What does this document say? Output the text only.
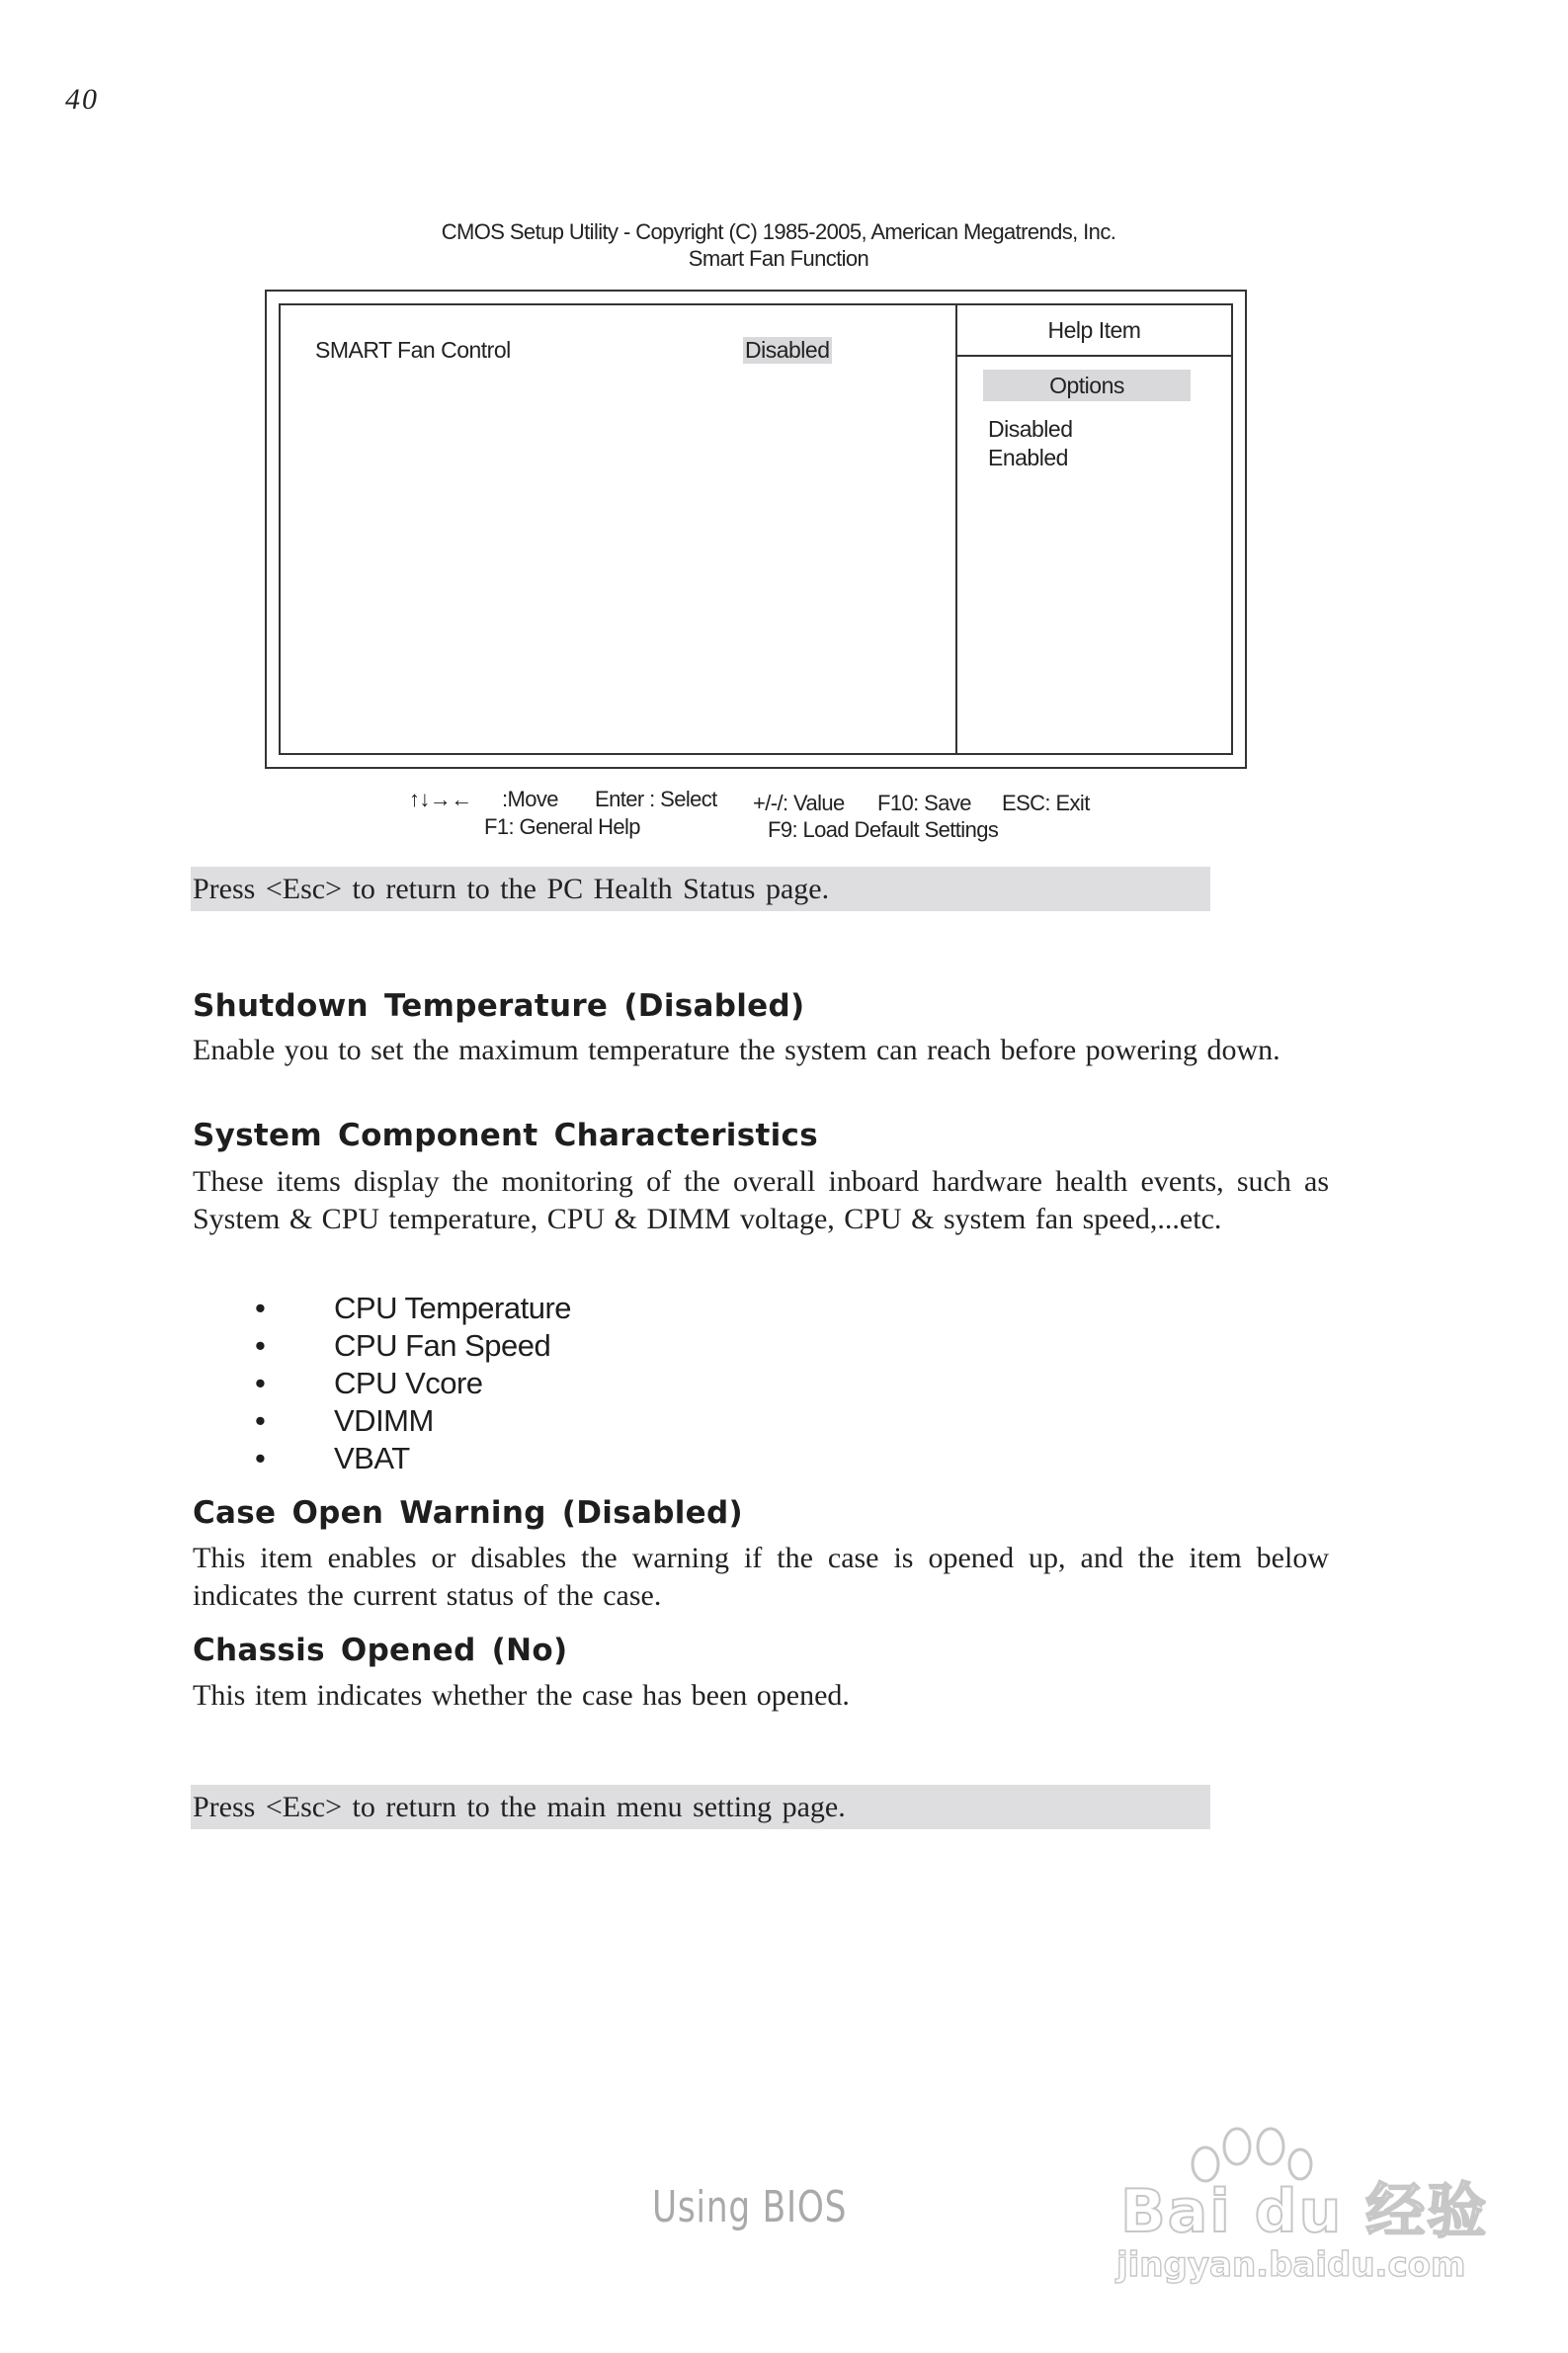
40
CMOS Setup Utility - Copyright (C) 1985-2005, American Megatrends, Inc.
Smart Fan Function
Help Item
SMART Fan Control	Disabled
Options
Disabled
Enabled
↑↓→← :Move Enter : Select +/-/: Value F10: Save ESC: Exit
F1: General Help	F9: Load Default Settings
Press <Esc> to return to the PC Health Status page.
Shutdown Temperature (Disabled)
Enable you to set the maximum temperature the system can reach before powering down.
System Component Characteristics
These items display the monitoring of the overall inboard hardware health events, such as System & CPU temperature, CPU & DIMM voltage, CPU & system fan speed,...etc.
• CPU Temperature
• CPU Fan Speed
• CPU Vcore
• VDIMM
• VBAT
Case Open Warning (Disabled)
This item enables or disables the warning if the case is opened up, and the item below indicates the current status of the case.
Chassis Opened (No)
This item indicates whether the case has been opened.
Press <Esc> to return to the main menu setting page.
Using BIOS	Bai du 经验
jingyan.baidu.com
